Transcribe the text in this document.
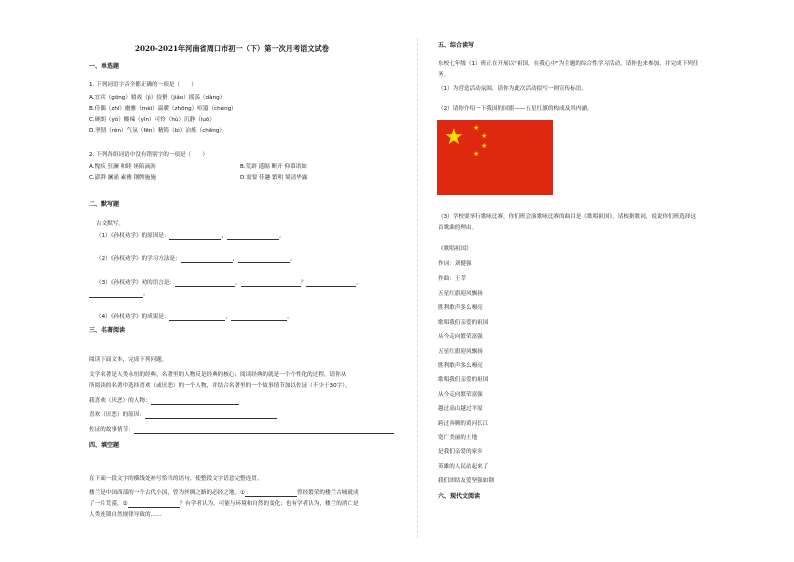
2020-2021年河南省周口市初一（下）第一次月考语文试卷
一、单选题
1. 下列词语字音全都正确的一项是（　　）
A.宜宾（gōng）嬉戏（jì）狡猾（jiǎo）摇荡（dàng）
B.佳偶（zhī）幽雅（mèi）温暖（zhōng）喧嚣（chéng）
C.硬朗（yǒ）酸辣（yǐn）可怜（hù）沉静（luǒ）
D.坚韧（rèn）气氛（fēn）精简（bì）冶炼（chěng）
2. 下列各组词语中没有错别字的一项是（　　）
A.愧疚 狂澜 和睦 诬陷滴沥	B.荒辟 遥隔 断开 仰慕诺如
C.澎湃 澜涌 素雅 钢牌施施	D.需要 佳趣 繁明 境清华露
二、默写题
古文默写。
（1）《孙权劝学》的原因是：	，	。
（2）《孙权劝学》的学习方法是：	，	。
（3）《孙权劝学》劝的语言是：	，	？	，
。
（4）《孙权劝学》的成果是：	，	。
三、名著阅读
阅读下面文本，完成下列问题。
文学名著是人类永恒的经典，名著里的人物反是经典的核心；阅读经典的就是一个个性化的过程，请你从
所阅读的名著中选择喜欢（或厌恶）的一个人物，并结合名著里的一个故事情节加以佐证（不少于30字）。
我喜欢（厌恶）的人物：
喜欢（厌恶）的原因：
佐证的故事情节：
四、填空题
在下面一段文字的横线处补写恰当的语句，使整段文字语意完整连贯。
楼兰是中国西部的一个古代小国，曾为丝绸之路的必经之地。①	曾经繁荣的楼兰古城就成
了一片荒漠。②	？有学者认为，可能与环境和自然的变化；也有学者认为，楼兰的消亡是
人类连锁自然规律导致的……
五、综合读写
东校七年级（1）班正在开展以"祖国，在我心中"为主题的综合性学习活动，请你也来参加，并完成下列任
务。
（1）为营造活动氛围，请你为此次活动拟写一则宣传标语。
（2）请你介绍一下我国的国旗——五星红旗的构成及其内涵。
★ ★
★
★
★
（3）学校要举行歌咏比赛，你们班会演歌咏比赛的曲目是《歌唱祖国》，请根据歌词，说说你们班选择这
首歌曲的理由。
《歌唱祖国》
作词：刘健强
作曲：王莘
五星红旗迎风飘扬
胜利歌声多么嘹亮
歌唱我们亲爱的祖国
从今走向繁荣富强
五星红旗迎风飘扬
胜利歌声多么嘹亮
歌唱我们亲爱的祖国
从今走向繁荣富强
越过高山越过平原
跨过奔腾的黄河长江
宽广美丽的土地
是我们亲爱的家乡
英雄的人民站起来了
我们团结友爱坚强如钢
六、现代文阅读
